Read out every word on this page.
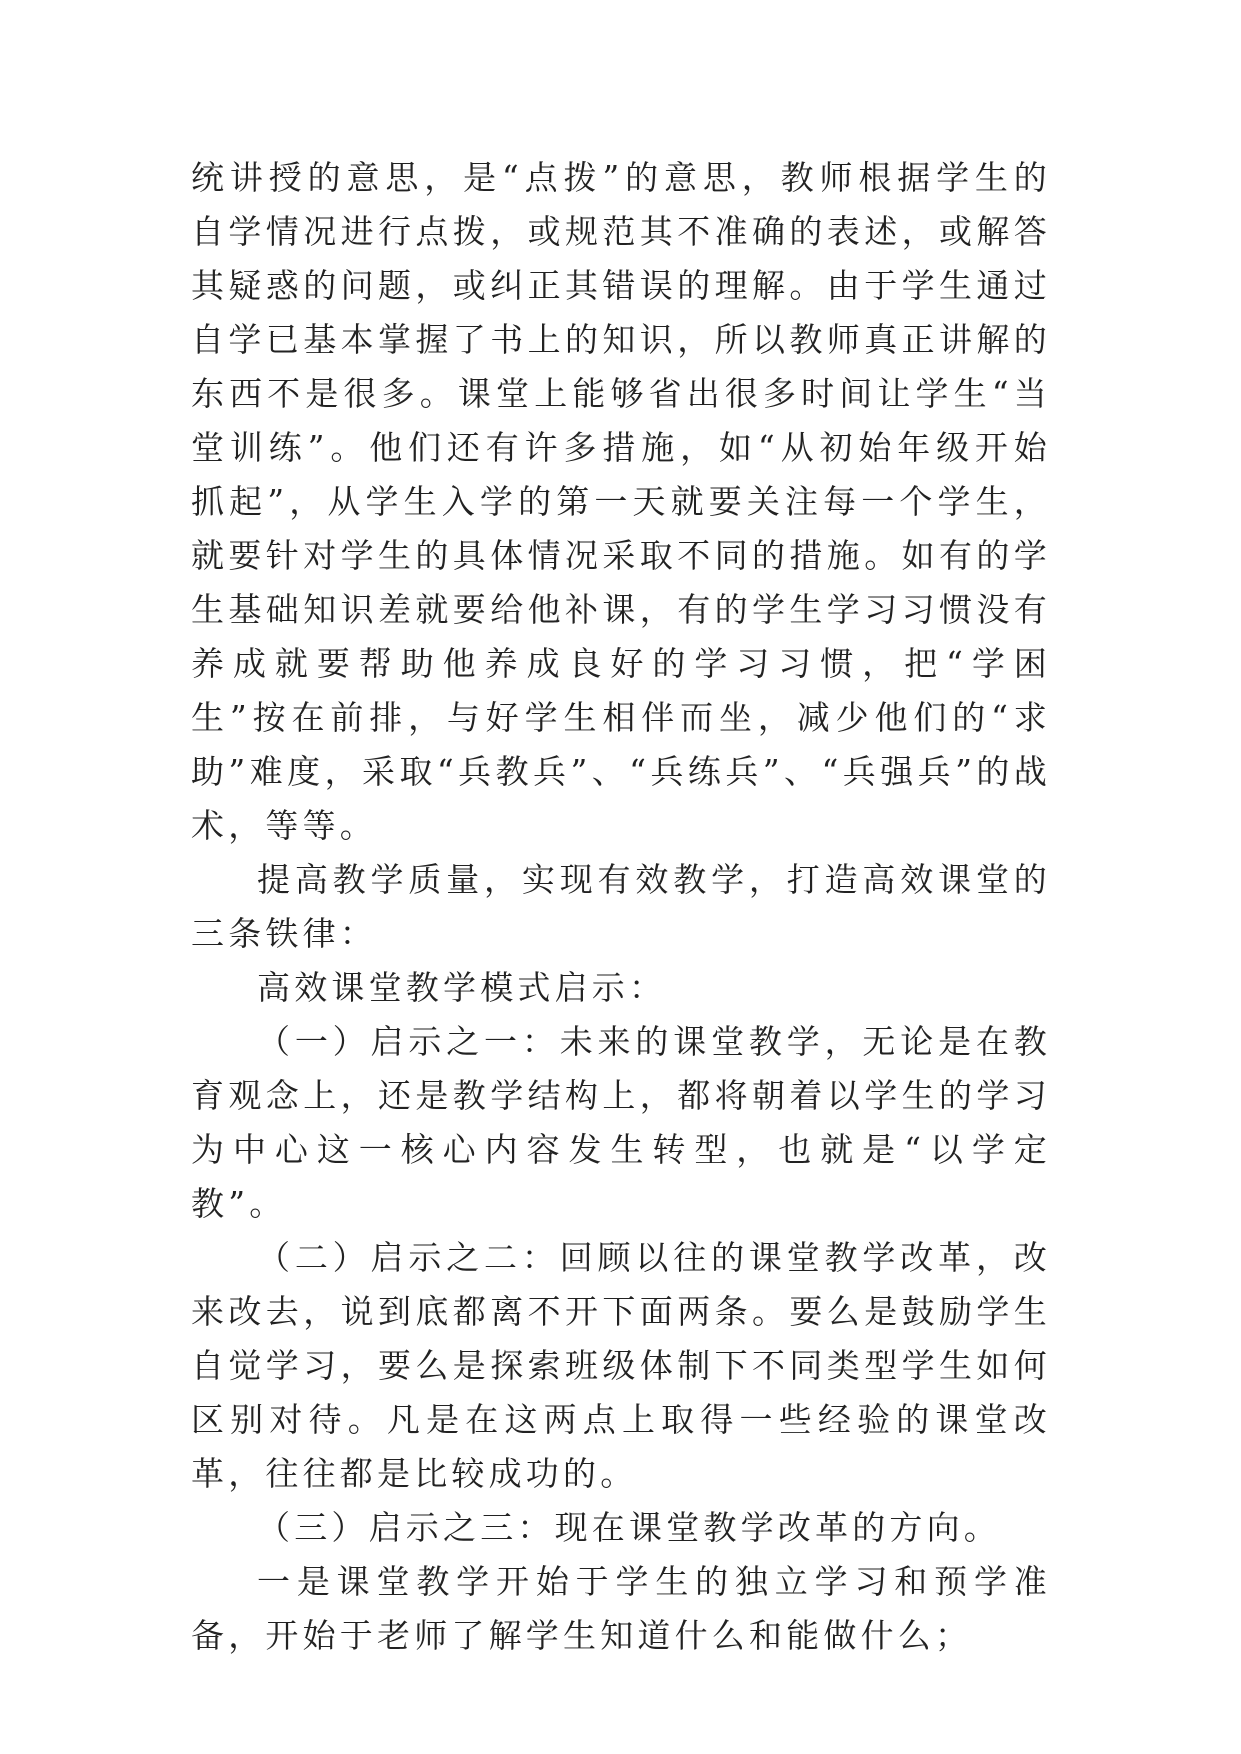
统讲授的意思，是“点拨”的意思，教师根据学生的自学情况进行点拨，或规范其不准确的表述，或解答其疑惑的问题，或纠正其错误的理解。由于学生通过自学已基本掌握了书上的知识，所以教师真正讲解的东西不是很多。课堂上能够省出很多时间让学生“当堂训练”。他们还有许多措施，如“从初始年级开始抓起”，从学生入学的第一天就要关注每一个学生，就要针对学生的具体情况采取不同的措施。如有的学生基础知识差就要给他补课，有的学生学习习惯没有养成就要帮助他养成良好的学习习惯，把“学困生”按在前排，与好学生相伴而坐，减少他们的“求助”难度，采取“兵教兵”、“兵练兵”、“兵强兵”的战术，等等。

提高教学质量，实现有效教学，打造高效课堂的三条铁律：

高效课堂教学模式启示：

（一）启示之一：未来的课堂教学，无论是在教育观念上，还是教学结构上，都将朝着以学生的学习为中心这一核心内容发生转型，也就是“以学定教”。

（二）启示之二：回顾以往的课堂教学改革，改来改去，说到底都离不开下面两条。要么是鼓励学生自觉学习，要么是探索班级体制下不同类型学生如何区别对待。凡是在这两点上取得一些经验的课堂改革，往往都是比较成功的。

（三）启示之三：现在课堂教学改革的方向。

一是课堂教学开始于学生的独立学习和预学准备，开始于老师了解学生知道什么和能做什么；
